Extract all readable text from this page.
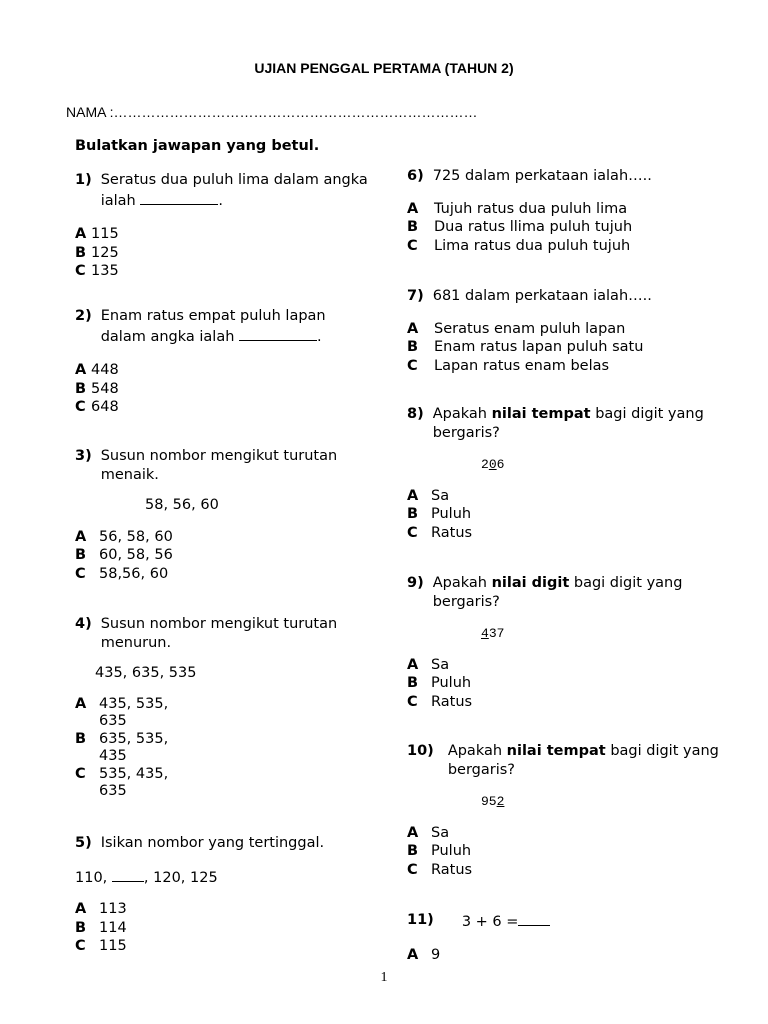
UJIAN PENGGAL PERTAMA (TAHUN 2)
NAMA :……………………………………………………………………
Bulatkan jawapan yang betul.
1) Seratus dua puluh lima dalam angka ialah	.
A 115
B 125
C 135
2) Enam ratus empat puluh lapan dalam angka ialah	.
A 448
B 548
C 648
3) Susun nombor mengikut turutan menaik.
58, 56, 60
A 56, 58, 60
B 60, 58, 56
C 58,56, 60
4) Susun nombor mengikut turutan menurun.
435, 635, 535
A 435, 535,
635
B 635, 535,
435
C 535, 435,
635
5) Isikan nombor yang tertinggal.
110,	, 120, 125
A 113
B 114
C 115
6) 725 dalam perkataan ialah…..
A	Tujuh ratus dua puluh lima
B	Dua ratus llima puluh tujuh
C	Lima ratus dua puluh tujuh
7) 681 dalam perkataan ialah…..
A	Seratus enam puluh lapan
B	Enam ratus lapan puluh satu
C	Lapan ratus enam belas
8) Apakah nilai tempat bagi digit yang bergaris?
206
A Sa
B Puluh
C Ratus
9) Apakah nilai digit bagi digit yang bergaris?
437
A Sa
B Puluh
C Ratus
10) Apakah nilai tempat bagi digit yang bergaris?
952
A Sa
B Puluh
C Ratus
11) 3 + 6 =
A 9
1
